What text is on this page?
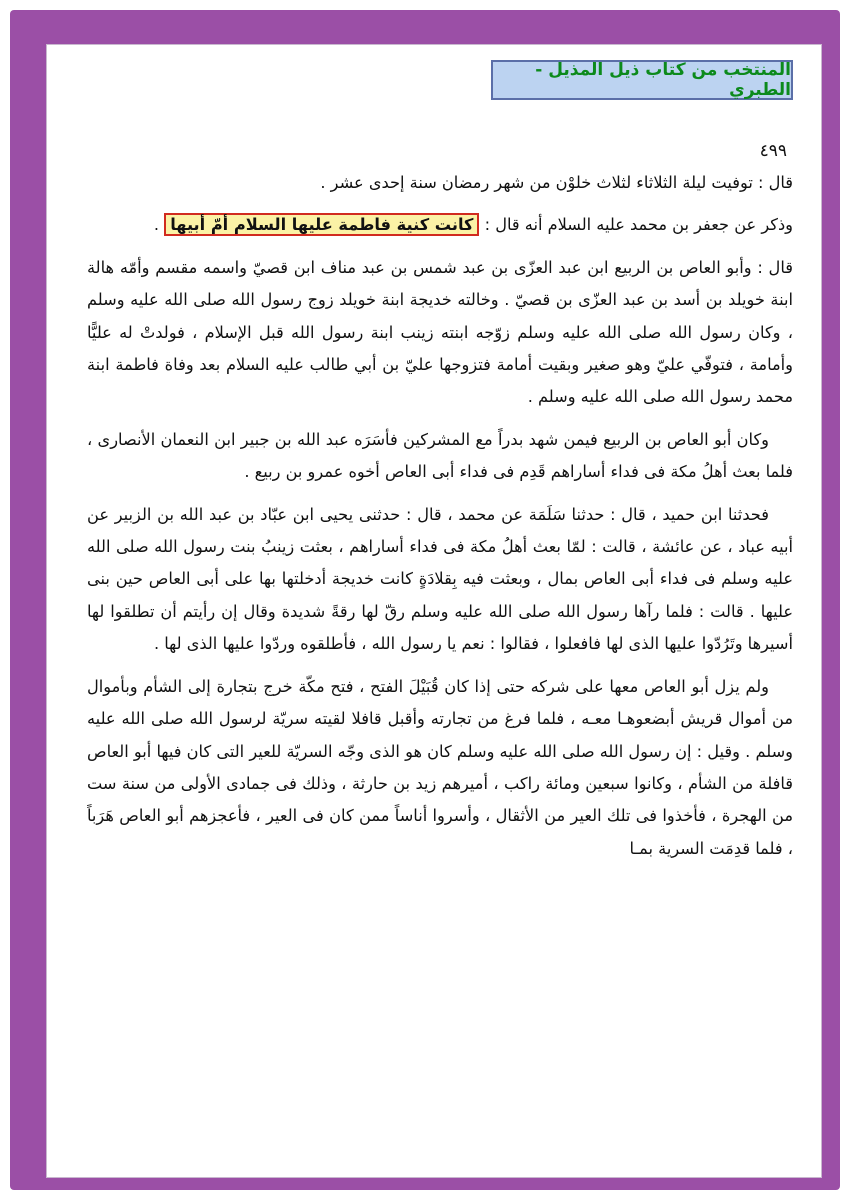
المنتخب من كتاب ذيل المذيل - الطبري
٤٩٩

قال : توفيت ليلة الثلاثاء لثلاث خلوْن من شهر رمضان سنة إحدى عشر .

وذكر عن جعفر بن محمد عليه السلام أنه قال : كانت كنية فاطمة عليها السلام أمّ أبيها .

قال : وأبو العاص بن الربيع ابن عبد العزّى بن عبد شمس بن عبد مناف ابن قصيّ واسمه مقسم وأمّه هالة ابنة خويلد بن أسد بن عبد العزّى بن قصيّ . وخالته خديجة ابنة خويلد زوج رسول الله صلى الله عليه وسلم ، وكان رسول الله صلى الله عليه وسلم زوّجه ابنته زينب ابنة رسول الله قبل الإسلام ، فولدتْ له عليًّا وأمامة ، فتوفّي عليّ وهو صغير وبقيت أمامة فتزوجها عليّ بن أبي طالب عليه السلام بعد وفاة فاطمة ابنة محمد رسول الله صلى الله عليه وسلم .

وكان أبو العاص بن الربيع فيمن شهد بدراً مع المشركين فأسَرَه عبد الله بن جبير ابن النعمان الأنصارى ، فلما بعث أهلُ مكة فى فداء أساراهم قَدِم فى فداء أبى العاص أخوه عمرو بن ربيع .

فحدثنا ابن حميد ، قال : حدثنا سَلَمَة عن محمد ، قال : حدثنى يحيى ابن عبّاد بن عبد الله بن الزبير عن أبيه عباد ، عن عائشة ، قالت : لمّا بعث أهلُ مكة فى فداء أساراهم ، بعثت زينبُ بنت رسول الله صلى الله عليه وسلم فى فداء أبى العاص بمال ، وبعثت فيه بِقلادَةٍ كانت خديجة أدخلتها بها على أبى العاص حين بنى عليها . قالت : فلما رآها رسول الله صلى الله عليه وسلم رقّ لها رقةً شديدة وقال إن رأيتم أن تطلقوا لها أسيرها وتَرُدّوا عليها الذى لها فافعلوا ، فقالوا : نعم يا رسول الله ، فأطلقوه وردّوا عليها الذى لها .

ولم يزل أبو العاص معها على شركه حتى إذا كان قُبَيْلَ الفتح ، فتح مكّة خرج بتجارة إلى الشأم وبأموال من أموال قريش أبضعوهـا معـه ، فلما فرغ من تجارته وأقبل قافلا لقيته سريّة لرسول الله صلى الله عليه وسلم . وقيل : إن رسول الله صلى الله عليه وسلم كان هو الذى وجّه السريّة للعير التى كان فيها أبو العاص قافلة من الشأم ، وكانوا سبعين ومائة راكب ، أميرهم زيد بن حارثة ، وذلك فى جمادى الأولى من سنة ست من الهجرة ، فأخذوا فى تلك العير من الأثقال ، وأسروا أناساً ممن كان فى العير ، فأعجزهم أبو العاص هَرَباً ، فلما قدِمَت السرية بمـا
